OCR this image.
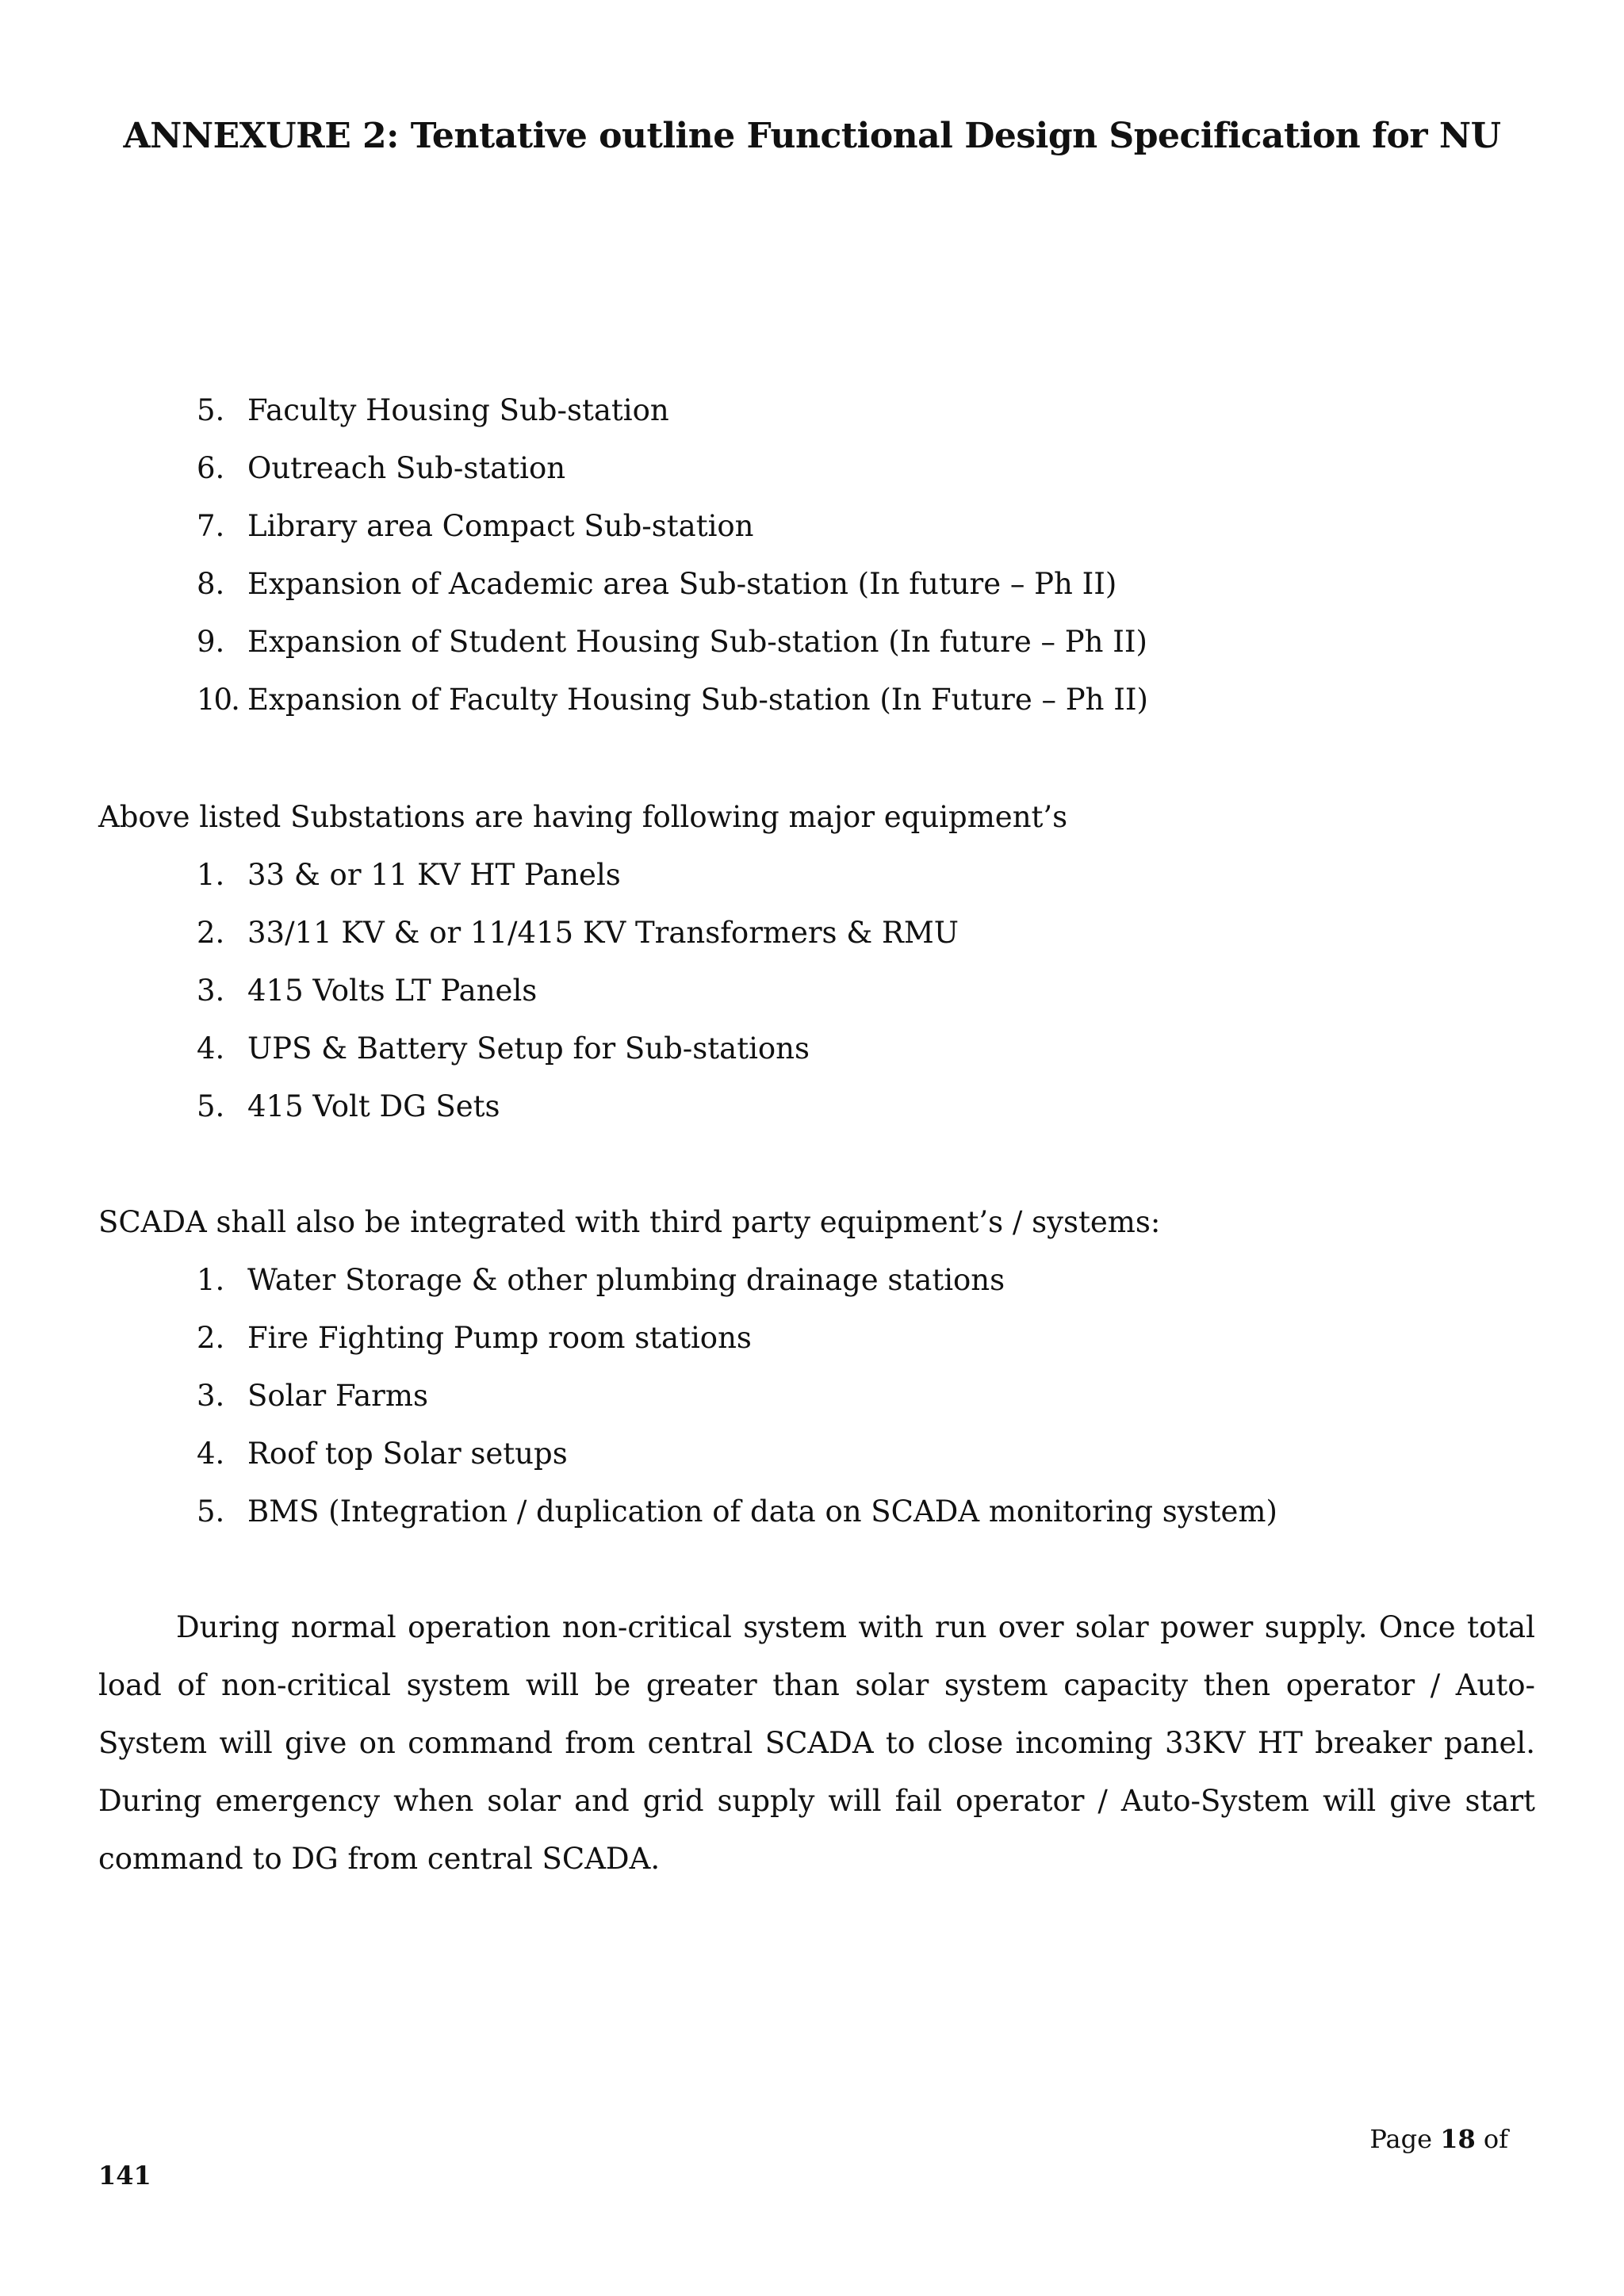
ANNEXURE 2: Tentative outline Functional Design Specification for NU
5. Faculty Housing Sub-station
6. Outreach Sub-station
7. Library area Compact Sub-station
8. Expansion of Academic area Sub-station (In future – Ph II)
9. Expansion of Student Housing Sub-station (In future – Ph II)
10. Expansion of Faculty Housing Sub-station (In Future – Ph II)

Above listed Substations are having following major equipment’s

1. 33 & or 11 KV HT Panels
2. 33/11 KV & or 11/415 KV Transformers & RMU
3. 415 Volts LT Panels
4. UPS & Battery Setup for Sub-stations
5. 415 Volt DG Sets

SCADA shall also be integrated with third party equipment’s / systems:

1. Water Storage & other plumbing drainage stations
2. Fire Fighting Pump room stations
3. Solar Farms
4. Roof top Solar setups
5. BMS (Integration / duplication of data on SCADA monitoring system)

During normal operation non-critical system with run over solar power supply. Once total load of non-critical system will be greater than solar system capacity then operator / Auto-System will give on command from central SCADA to close incoming 33KV HT breaker panel. During emergency when solar and grid supply will fail operator / Auto-System will give start command to DG from central SCADA.

Page 18 of
141
